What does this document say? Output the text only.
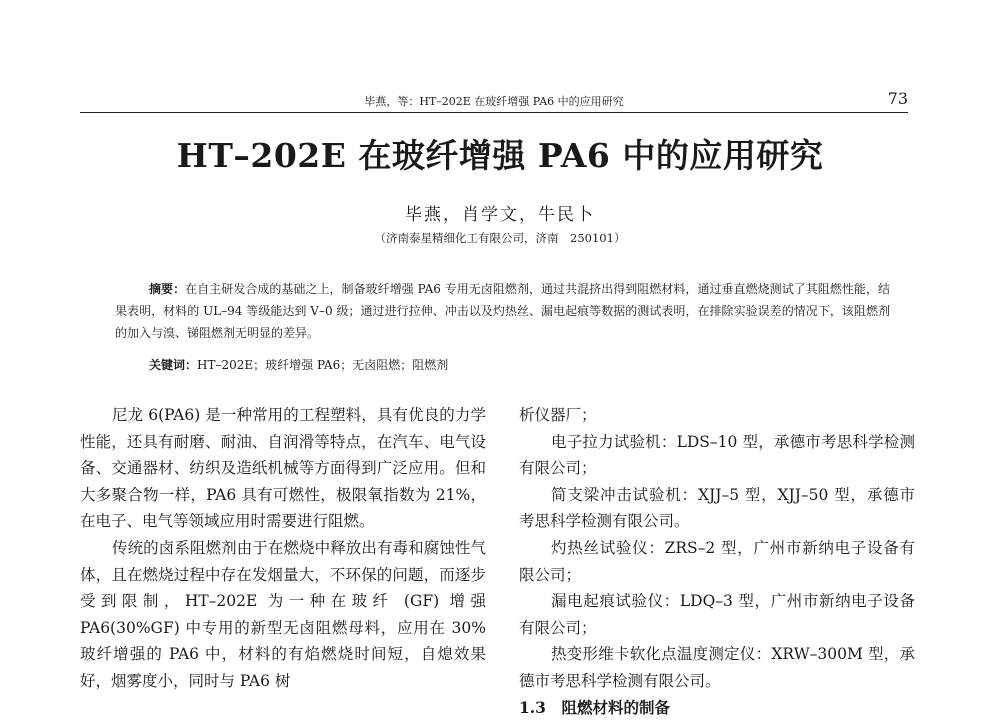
毕燕，等：HT–202E 在玻纤增强 PA6 中的应用研究	73
HT–202E 在玻纤增强 PA6 中的应用研究
毕燕，肖学文，牛民卜
（济南泰星精细化工有限公司，济南　250101）
摘要：在自主研发合成的基础之上，制备玻纤增强 PA6 专用无卤阻燃剂，通过共混挤出得到阻燃材料，通过垂直燃烧测试了其阻燃性能，结果表明，材料的 UL–94 等级能达到 V–0 级；通过进行拉伸、冲击以及灼热丝、漏电起痕等数据的测试表明，在排除实验误差的情况下，该阻燃剂的加入与溴、锑阻燃剂无明显的差异。
关键词：HT–202E；玻纤增强 PA6；无卤阻燃；阻燃剂

尼龙 6(PA6) 是一种常用的工程塑料，具有优良的力学性能，还具有耐磨、耐油、自润滑等特点，在汽车、电气设备、交通器材、纺织及造纸机械等方面得到广泛应用。但和大多聚合物一样，PA6 具有可燃性，极限氧指数为 21%，在电子、电气等领域应用时需要进行阻燃。

传统的卤系阻燃剂由于在燃烧中释放出有毒和腐蚀性气体，且在燃烧过程中存在发烟量大，不环保的问题，而逐步受到限制，HT–202E 为一种在玻纤 (GF) 增强 PA6(30%GF) 中专用的新型无卤阻燃母料，应用在 30% 玻纤增强的 PA6 中，材料的有焰燃烧时间短，自熄效果好，烟雾度小，同时与 PA6 树

析仪器厂；

电子拉力试验机：LDS–10 型，承德市考思科学检测有限公司；

简支梁冲击试验机：XJJ–5 型，XJJ–50 型，承德市考思科学检测有限公司。

灼热丝试验仪：ZRS–2 型，广州市新纳电子设备有限公司；

漏电起痕试验仪：LDQ–3 型，广州市新纳电子设备有限公司；

热变形维卡软化点温度测定仪：XRW–300M 型，承德市考思科学检测有限公司。

1.3　阻燃材料的制备
